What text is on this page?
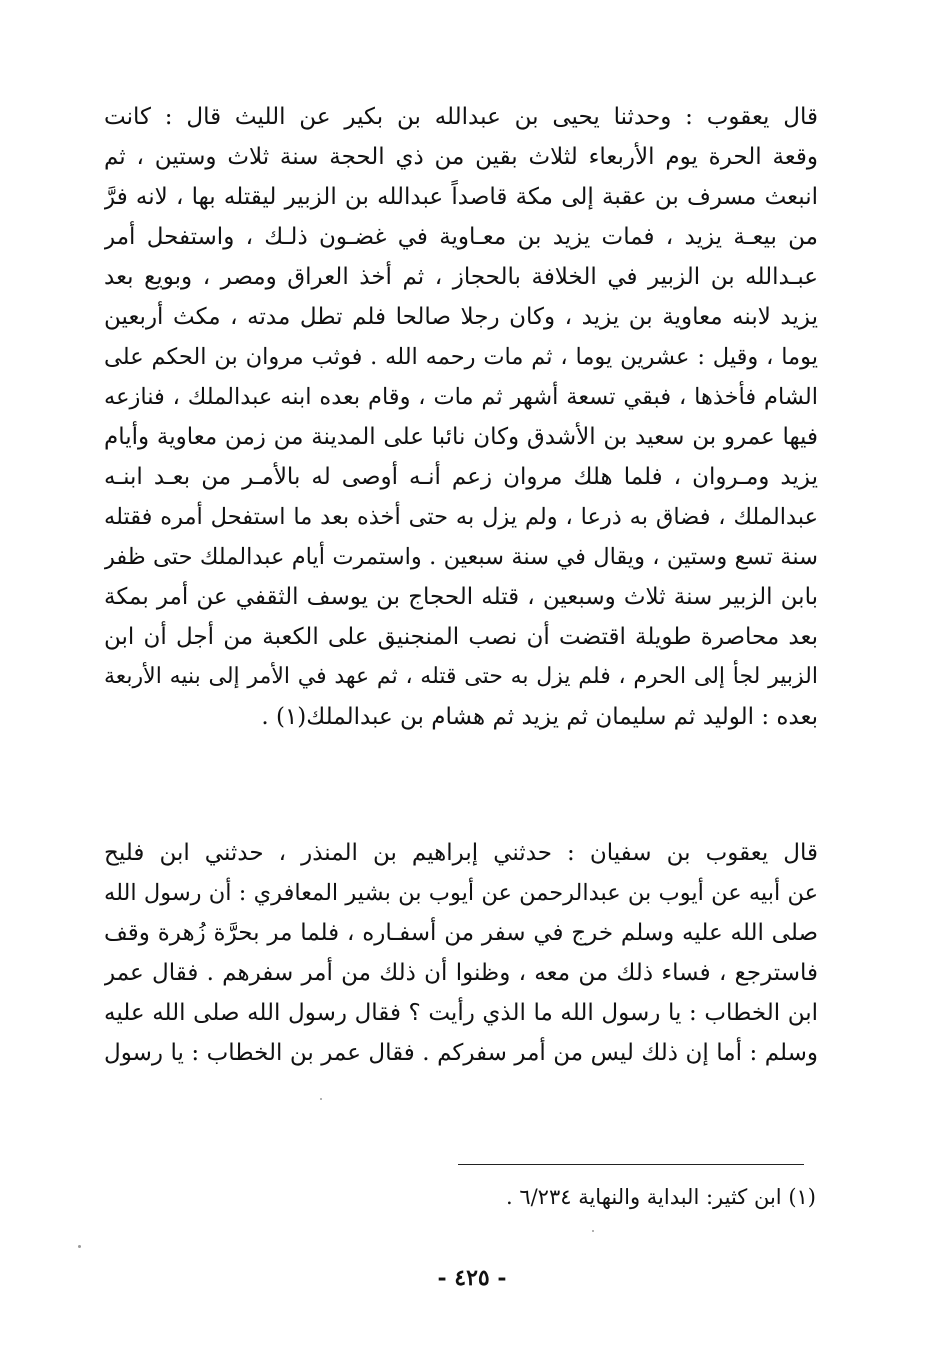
قال يعقوب : وحدثنا يحيى بن عبدالله بن بكير عن الليث قال : كانت
وقعة الحرة يوم الأربعاء لثلاث بقين من ذي الحجة سنة ثلاث وستين ، ثم
انبعث مسرف بن عقبة إلى مكة قاصداً عبدالله بن الزبير ليقتله بها ، لانه فرَّ
من بيعـة يزيد ، فمات يزيد بن معـاوية في غضـون ذلـك ، واستفحل أمر
عبـدالله بن الزبير في الخلافة بالحجاز ، ثم أخذ العراق ومصر ، وبويع بعد
يزيد لابنه معاوية بن يزيد ، وكان رجلا صالحا فلم تطل مدته ، مكث أربعين
يوما ، وقيل : عشرين يوما ، ثم مات رحمه الله . فوثب مروان بن الحكم على
الشام فأخذها ، فبقي تسعة أشهر ثم مات ، وقام بعده ابنه عبدالملك ، فنازعه
فيها عمرو بن سعيد بن الأشدق وكان نائبا على المدينة من زمن معاوية وأيام
يزيد ومـروان ، فلما هلك مروان زعم أنـه أوصى له بالأمـر من بعـد ابنـه
عبدالملك ، فضاق به ذرعا ، ولم يزل به حتى أخذه بعد ما استفحل أمره فقتله
سنة تسع وستين ، ويقال في سنة سبعين . واستمرت أيام عبدالملك حتى ظفر
بابن الزبير سنة ثلاث وسبعين ، قتله الحجاج بن يوسف الثقفي عن أمر بمكة
بعد محاصرة طويلة اقتضت أن نصب المنجنيق على الكعبة من أجل أن ابن
الزبير لجأ إلى الحرم ، فلم يزل به حتى قتله ، ثم عهد في الأمر إلى بنيه الأربعة
بعده : الوليد ثم سليمان ثم يزيد ثم هشام بن عبدالملك(١) .
قال يعقوب بن سفيان : حدثني إبراهيم بن المنذر ، حدثني ابن فليح
عن أبيه عن أيوب بن عبدالرحمن عن أيوب بن بشير المعافري : أن رسول الله
صلى الله عليه وسلم خرج في سفر من أسفـاره ، فلما مر بحرَّة زُهرة وقف
فاسترجع ، فساء ذلك من معه ، وظنوا أن ذلك من أمر سفرهم . فقال عمر
ابن الخطاب : يا رسول الله ما الذي رأيت ؟ فقال رسول الله صلى الله عليه
وسلم : أما إن ذلك ليس من أمر سفركم . فقال عمر بن الخطاب : يا رسول
(١) ابن كثير: البداية والنهاية ٦/٢٣٤ .
- ٤٢٥ -
